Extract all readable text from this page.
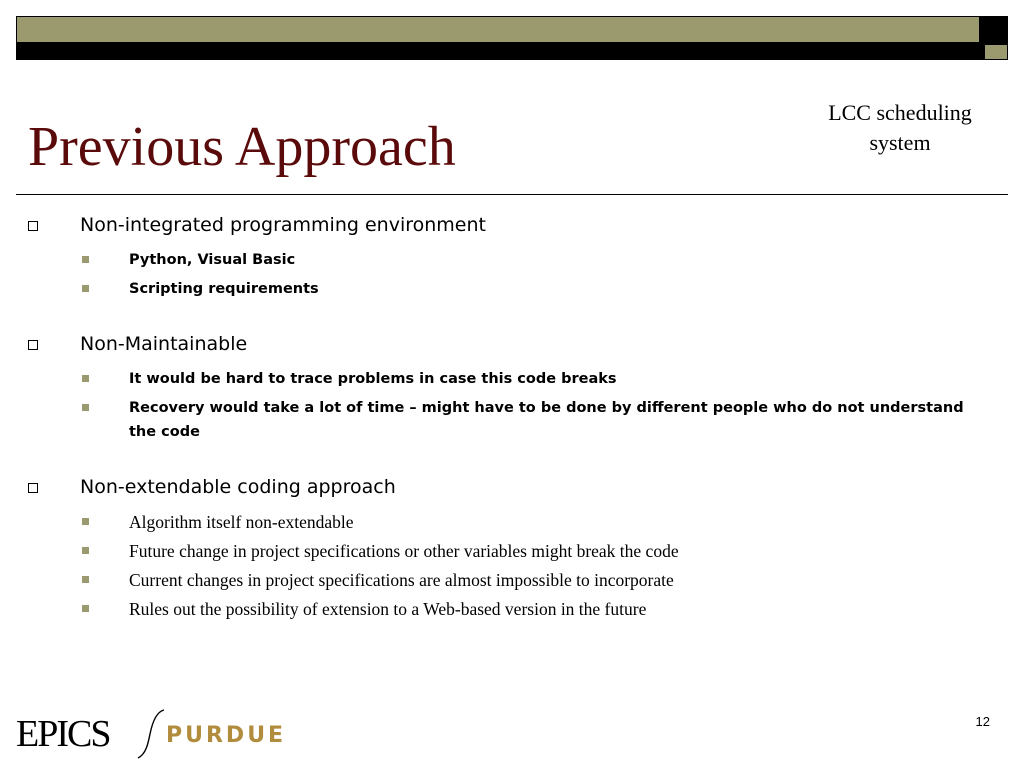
Previous Approach
LCC scheduling system
Non-integrated programming environment
Python, Visual Basic
Scripting requirements
Non-Maintainable
It would be hard to trace problems in case this code breaks
Recovery would take a lot of time – might have to be done by different people who do not understand the code
Non-extendable coding approach
Algorithm itself non-extendable
Future change in project specifications or other variables might break the code
Current changes in project specifications are almost impossible to incorporate
Rules out the possibility of extension to a Web-based version in the future
EPICS	PURDUE
12
